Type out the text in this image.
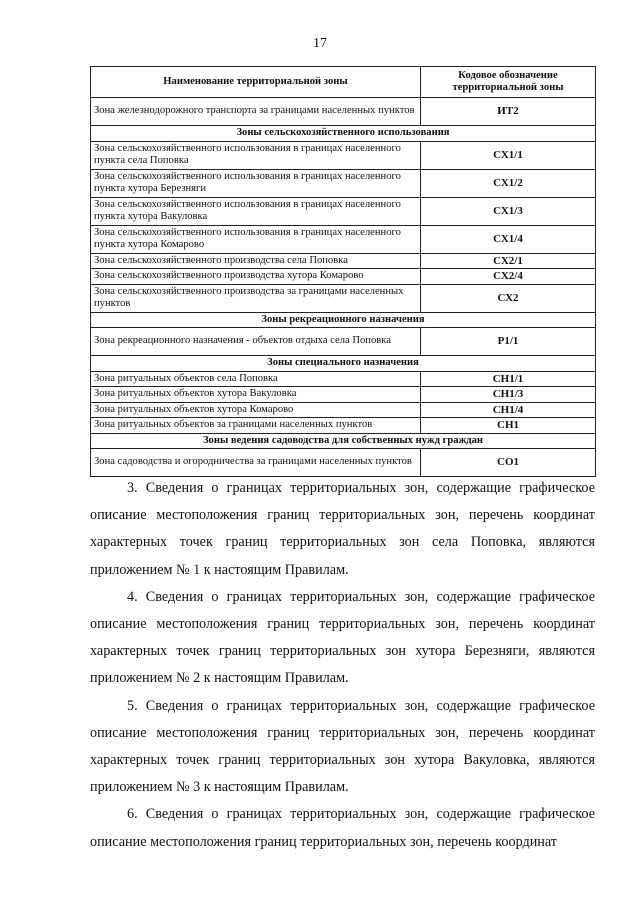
17
Наименование территориальной зоны	Кодовое обозначение территориальной зоны
Зона железнодорожного транспорта за границами населенных пунктов	ИТ2
Зоны сельскохозяйственного использования	
Зона сельскохозяйственного использования в границах населенного пункта села Поповка	СХ1/1
Зона сельскохозяйственного использования в границах населенного пункта хутора Березняги	СХ1/2
Зона сельскохозяйственного использования в границах населенного пункта хутора Вакуловка	СХ1/3
Зона сельскохозяйственного использования в границах населенного пункта хутора Комарово	СХ1/4
Зона сельскохозяйственного производства села Поповка	СХ2/1
Зона сельскохозяйственного производства хутора Комарово	СХ2/4
Зона сельскохозяйственного производства за границами населенных пунктов	СХ2
Зоны рекреационного назначения	
Зона рекреационного назначения - объектов отдыха села Поповка	Р1/1
Зоны специального назначения	
Зона ритуальных объектов села Поповка	СН1/1
Зона ритуальных объектов хутора Вакуловка	СН1/3
Зона ритуальных объектов хутора Комарово	СН1/4
Зона ритуальных объектов за границами населенных пунктов	СН1
Зоны ведения садоводства для собственных нужд граждан	
Зона садоводства и огородничества за границами населенных пунктов	СО1

3. Сведения о границах территориальных зон, содержащие графическое описание местоположения границ территориальных зон, перечень координат характерных точек границ территориальных зон села Поповка, являются приложением № 1 к настоящим Правилам.

4. Сведения о границах территориальных зон, содержащие графическое описание местоположения границ территориальных зон, перечень координат характерных точек границ территориальных зон хутора Березняги, являются приложением № 2 к настоящим Правилам.

5. Сведения о границах территориальных зон, содержащие графическое описание местоположения границ территориальных зон, перечень координат характерных точек границ территориальных зон хутора Вакуловка, являются приложением № 3 к настоящим Правилам.

6. Сведения о границах территориальных зон, содержащие графическое описание местоположения границ территориальных зон, перечень координат
